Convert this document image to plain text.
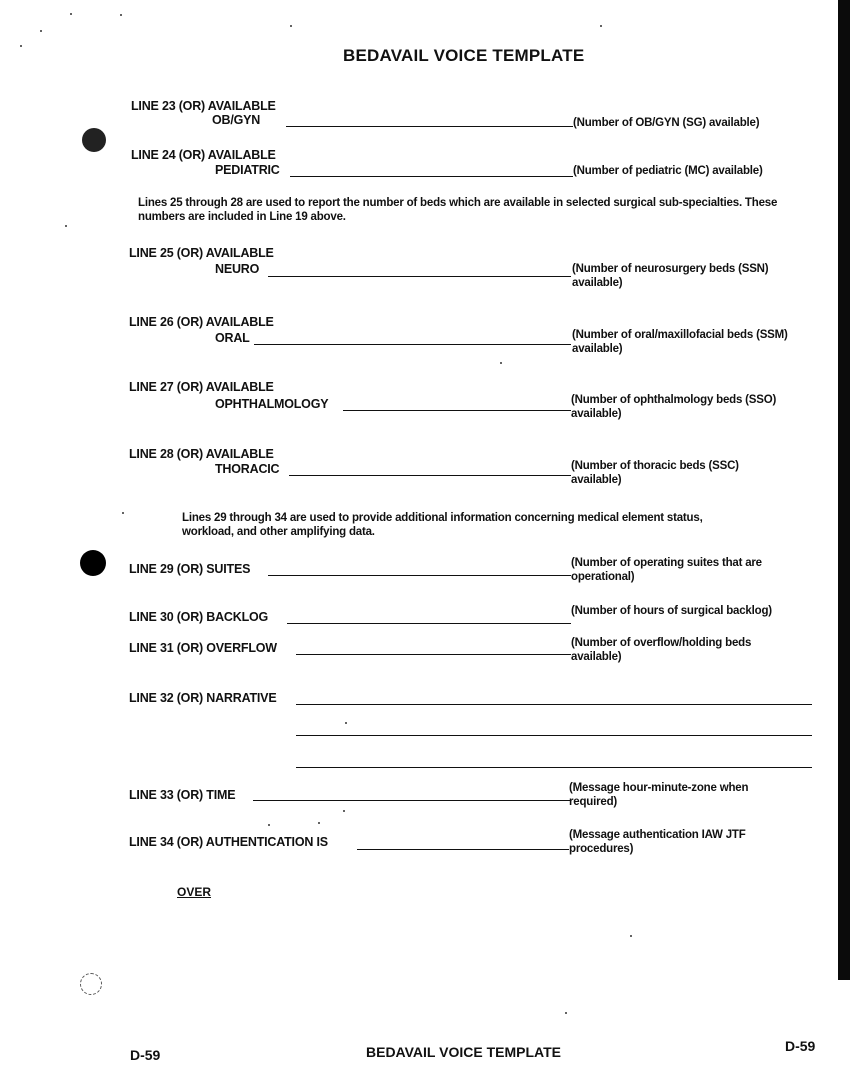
BEDAVAIL VOICE TEMPLATE
LINE 23 (OR) AVAILABLE
OB/GYN	(Number of OB/GYN (SG) available)
LINE 24 (OR) AVAILABLE
PEDIATRIC	(Number of pediatric (MC) available)
Lines 25 through 28 are used to report the number of beds which are available in selected surgical sub-specialties. These numbers are included in Line 19 above.
LINE 25 (OR) AVAILABLE
NEURO	(Number of neurosurgery beds (SSN) available)
LINE 26 (OR) AVAILABLE
ORAL	(Number of oral/maxillofacial beds (SSM) available)
LINE 27 (OR) AVAILABLE
OPHTHALMOLOGY	(Number of ophthalmology beds (SSO) available)
LINE 28 (OR) AVAILABLE
THORACIC	(Number of thoracic beds (SSC) available)
Lines 29 through 34 are used to provide additional information concerning medical element status, workload, and other amplifying data.
LINE 29 (OR) SUITES	(Number of operating suites that are operational)
LINE 30 (OR) BACKLOG	(Number of hours of surgical backlog)
LINE 31 (OR) OVERFLOW	(Number of overflow/holding beds available)
LINE 32 (OR) NARRATIVE
LINE 33 (OR) TIME	(Message hour-minute-zone when required)
LINE 34 (OR) AUTHENTICATION IS	(Message authentication IAW JTF procedures)
OVER
D-59	BEDAVAIL VOICE TEMPLATE	D-59
